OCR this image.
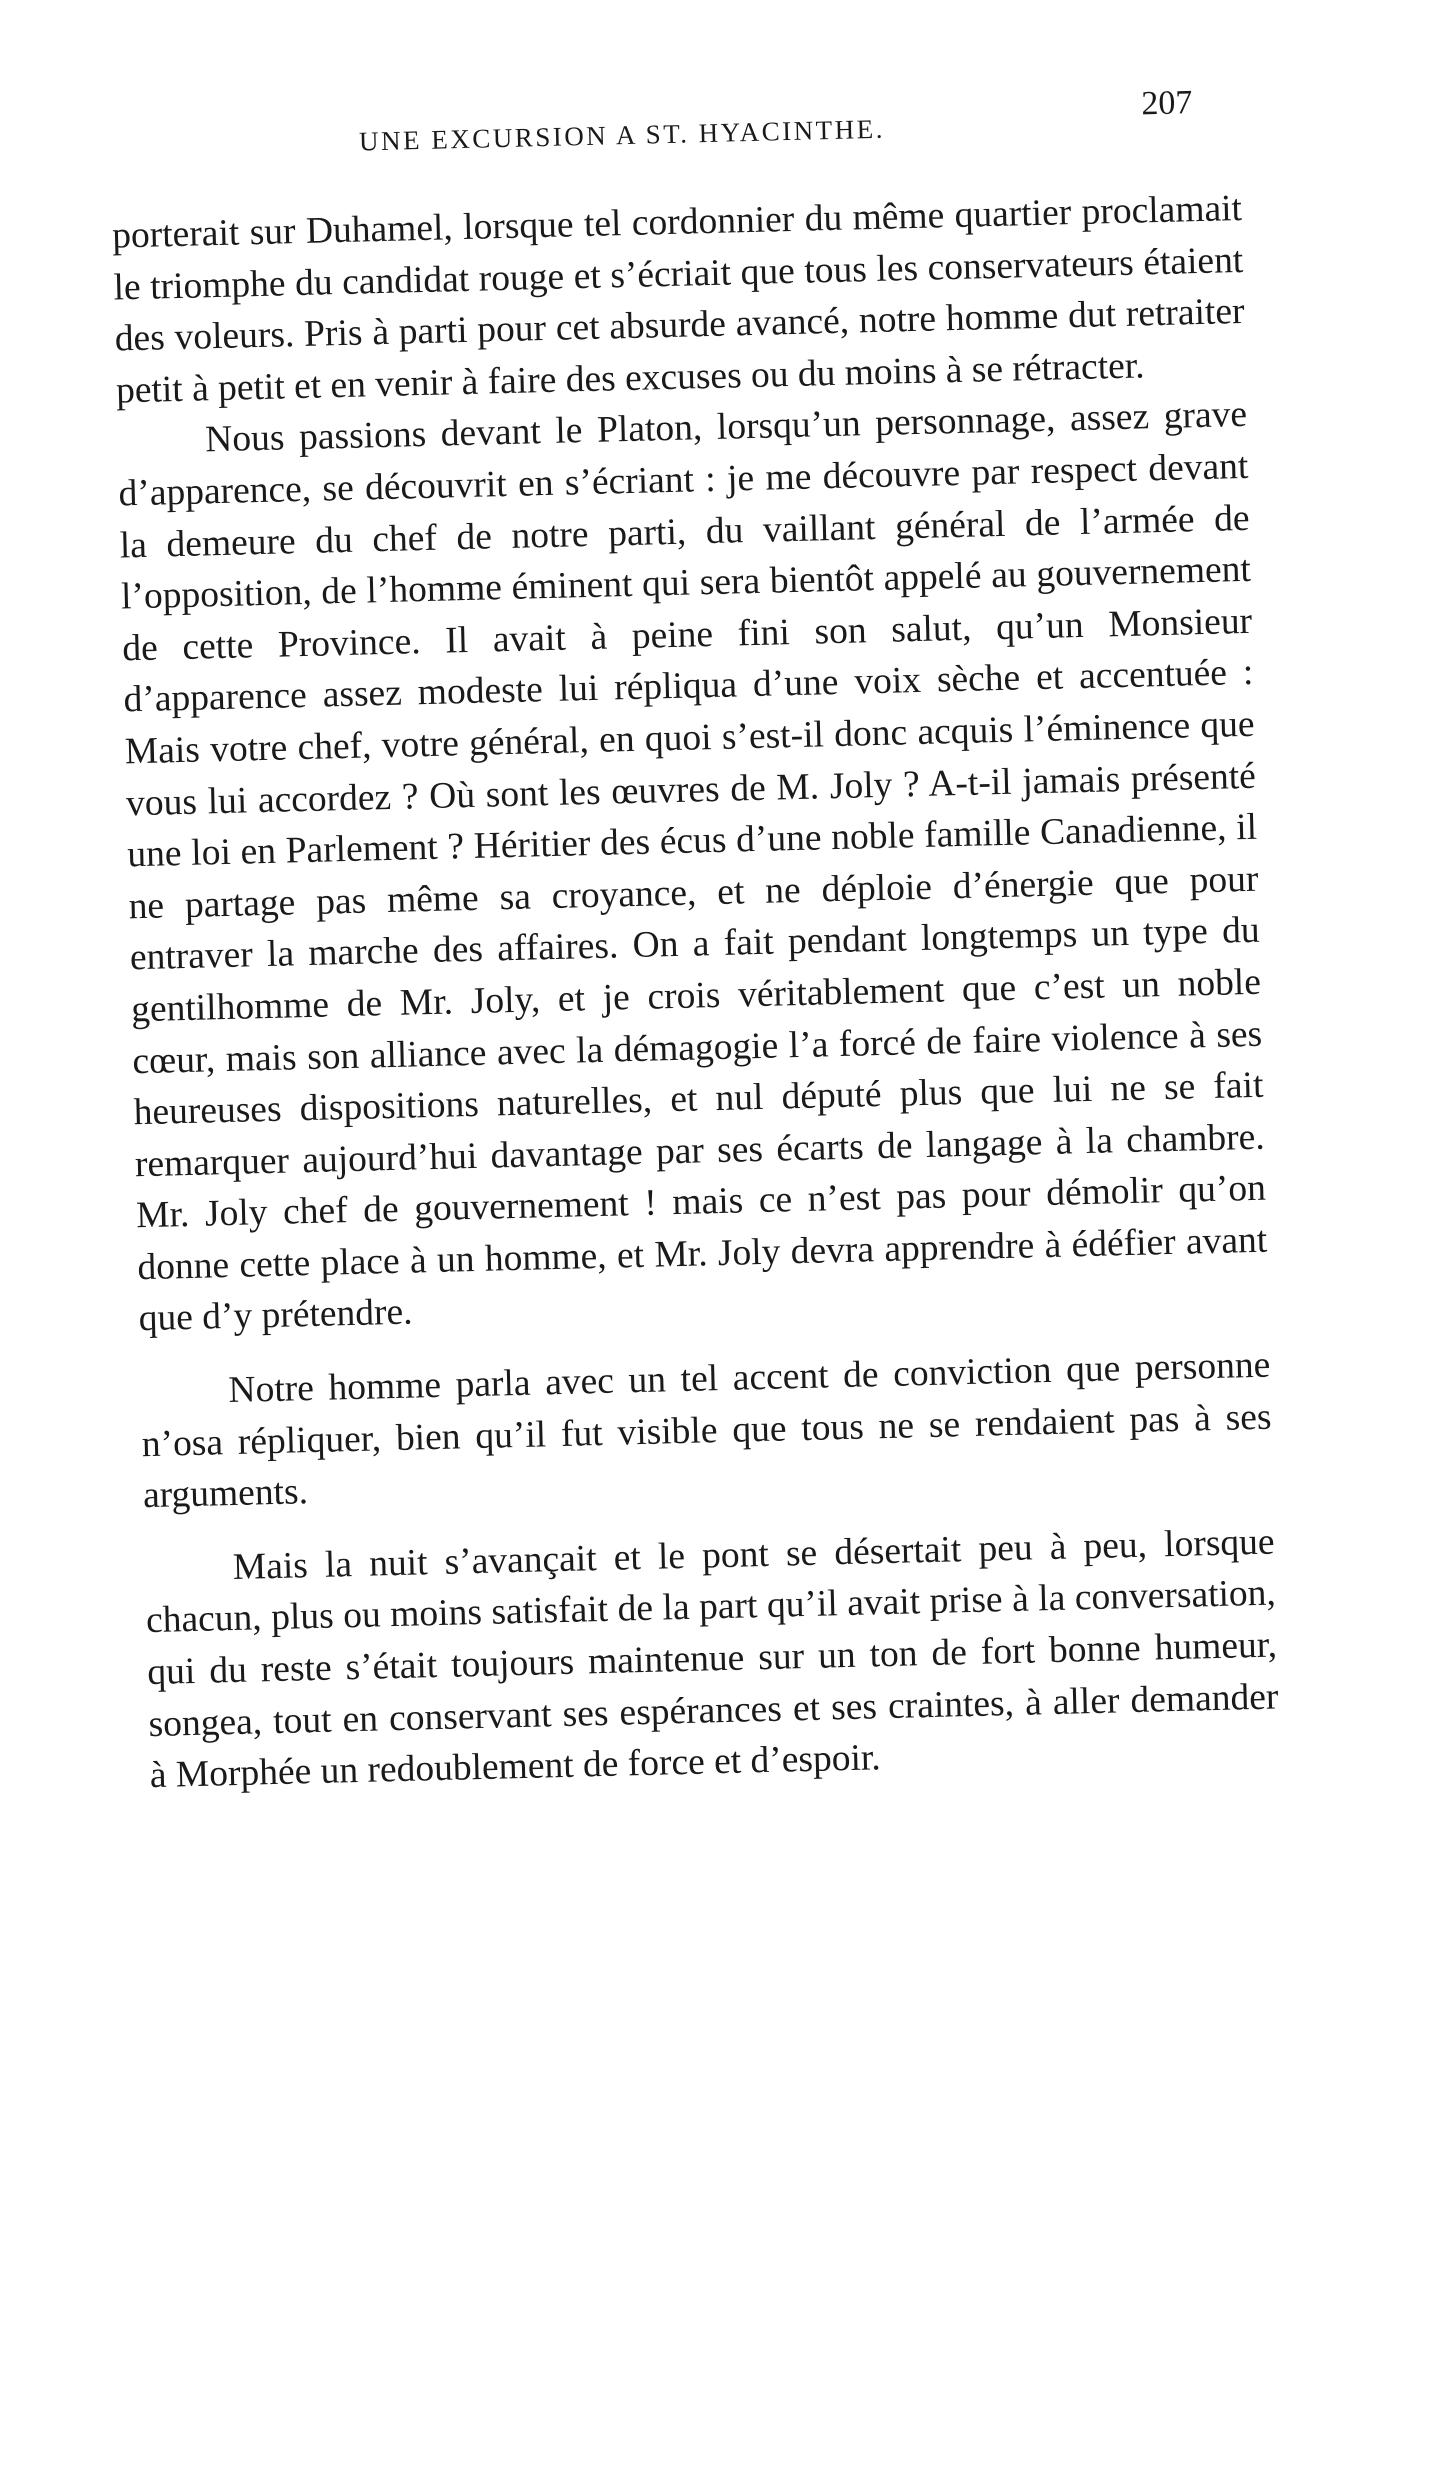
UNE EXCURSION A ST. HYACINTHE.
207

porterait sur Duhamel, lorsque tel cordonnier du même quartier proclamait le triomphe du candidat rouge et s’écriait que tous les conservateurs étaient des voleurs. Pris à parti pour cet absurde avancé, notre homme dut retraiter petit à petit et en venir à faire des excuses ou du moins à se rétracter.

Nous passions devant le Platon, lorsqu’un personnage, assez grave d’apparence, se découvrit en s’écriant : je me découvre par respect devant la demeure du chef de notre parti, du vaillant général de l’armée de l’opposition, de l’homme éminent qui sera bientôt appelé au gouvernement de cette Province. Il avait à peine fini son salut, qu’un Monsieur d’apparence assez modeste lui répliqua d’une voix sèche et accentuée : Mais votre chef, votre général, en quoi s’est-il donc acquis l’éminence que vous lui accordez ? Où sont les œuvres de M. Joly ? A-t-il jamais présenté une loi en Parlement ? Héritier des écus d’une noble famille Canadienne, il ne partage pas même sa croyance, et ne déploie d’énergie que pour entraver la marche des affaires. On a fait pendant longtemps un type du gentilhomme de Mr. Joly, et je crois véritablement que c’est un noble cœur, mais son alliance avec la démagogie l’a forcé de faire violence à ses heureuses dispositions naturelles, et nul député plus que lui ne se fait remarquer aujourd’hui davantage par ses écarts de langage à la chambre. Mr. Joly chef de gouvernement ! mais ce n’est pas pour démolir qu’on donne cette place à un homme, et Mr. Joly devra apprendre à édéfier avant que d’y prétendre.

Notre homme parla avec un tel accent de conviction que personne n’osa répliquer, bien qu’il fut visible que tous ne se rendaient pas à ses arguments.

Mais la nuit s’avançait et le pont se désertait peu à peu, lorsque chacun, plus ou moins satisfait de la part qu’il avait prise à la conversation, qui du reste s’était toujours maintenue sur un ton de fort bonne humeur, songea, tout en conservant ses espérances et ses craintes, à aller demander à Morphée un redoublement de force et d’espoir.
